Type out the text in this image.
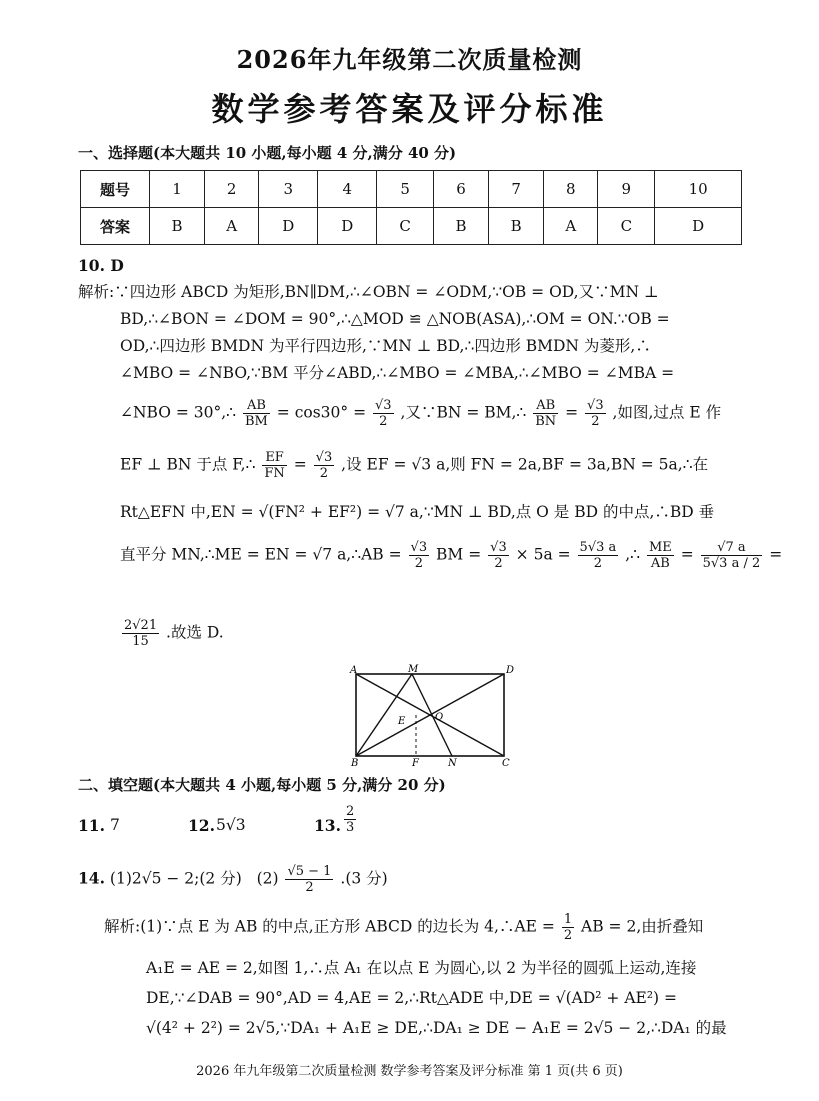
2026年九年级第二次质量检测
数学参考答案及评分标准
一、选择题(本大题共 10 小题,每小题 4 分,满分 40 分)
题号	1	2	3	4	5	6	7	8	9	10
答案	B	A	D	D	C	B	B	A	C	D
10. D
解析:∵四边形 ABCD 为矩形,BN∥DM,∴∠OBN = ∠ODM,∵OB = OD,又∵MN ⊥
BD,∴∠BON = ∠DOM = 90°,∴△MOD ≌ △NOB(ASA),∴OM = ON.∵OB =
OD,∴四边形 BMDN 为平行四边形,∵MN ⊥ BD,∴四边形 BMDN 为菱形,∴
∠MBO = ∠NBO,∵BM 平分∠ABD,∴∠MBO = ∠MBA,∴∠MBO = ∠MBA =
∠NBO = 30°,∴ $\frac{AB}{BM} = \cos 30^\circ = \frac{√3}{2}$ ,又∵BN = BM,∴ $\frac{AB}{BN} = \frac{√3}{2}$ ,如图,过点 E 作
EF ⊥ BN 于点 F,∴ $\frac{EF}{FN} = \frac{√3}{2}$ ,设 EF = √3 a,则 FN = 2a,BF = 3a,BN = 5a,∴在
Rt△EFN 中,EN = √(FN² + EF²) = √7 a,∵MN ⊥ BD,点 O 是 BD 的中点,∴BD 垂
直平分 MN,∴ME = EN = √7 a,∴AB = $\frac{√3}{2}$ BM = $\frac{√3}{2} \times 5a = \frac{5√3 a}{2}$ ,∴ $\frac{ME}{AB} = \frac{√7 a}{5√3 a / 2}$ =
$\frac{2√21}{15}$ .故选 D.
A	M	D
B	F	N	C
E	O
二、填空题(本大题共 4 小题,每小题 5 分,满分 20 分)
11. 7	12. 5√3	13. $\frac{2}{3}$
14. (1)2√5 − 2;(2 分) $(2) \frac{√5 - 1}{2} .(3$ 分)
解析:(1)∵点 E 为 AB 的中点,正方形 ABCD 的边长为 4,∴AE = $\frac{1}{2}$ AB = 2,由折叠知
A₁E = AE = 2,如图 1,∴点 A₁ 在以点 E 为圆心,以 2 为半径的圆弧上运动,连接
DE,∵∠DAB = 90°,AD = 4,AE = 2,∴Rt△ADE 中,DE = √(AD² + AE²) =
√(4² + 2²) = 2√5,∵DA₁ + A₁E ≥ DE,∴DA₁ ≥ DE − A₁E = 2√5 − 2,∴DA₁ 的最
2026 年九年级第二次质量检测 数学参考答案及评分标准 第 1 页(共 6 页)
